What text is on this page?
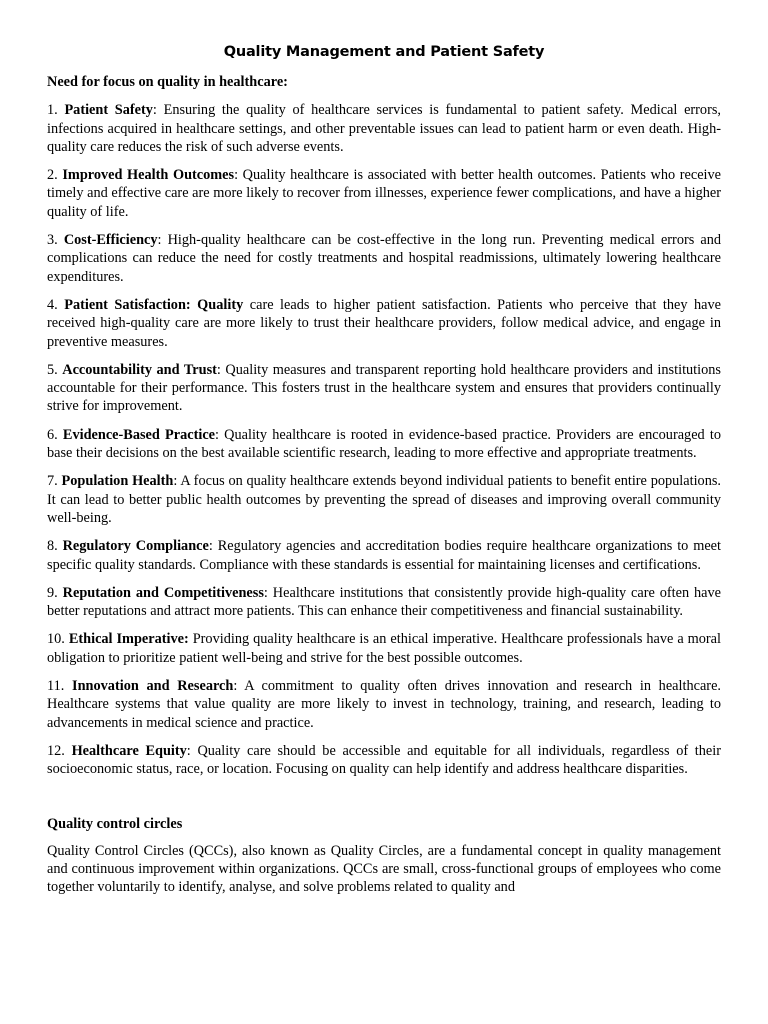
Quality Management and Patient Safety

Need for focus on quality in healthcare:

1. Patient Safety: Ensuring the quality of healthcare services is fundamental to patient safety. Medical errors, infections acquired in healthcare settings, and other preventable issues can lead to patient harm or even death. High-quality care reduces the risk of such adverse events.

2. Improved Health Outcomes: Quality healthcare is associated with better health outcomes. Patients who receive timely and effective care are more likely to recover from illnesses, experience fewer complications, and have a higher quality of life.

3. Cost-Efficiency: High-quality healthcare can be cost-effective in the long run. Preventing medical errors and complications can reduce the need for costly treatments and hospital readmissions, ultimately lowering healthcare expenditures.

4. Patient Satisfaction: Quality care leads to higher patient satisfaction. Patients who perceive that they have received high-quality care are more likely to trust their healthcare providers, follow medical advice, and engage in preventive measures.

5. Accountability and Trust: Quality measures and transparent reporting hold healthcare providers and institutions accountable for their performance. This fosters trust in the healthcare system and ensures that providers continually strive for improvement.

6. Evidence-Based Practice: Quality healthcare is rooted in evidence-based practice. Providers are encouraged to base their decisions on the best available scientific research, leading to more effective and appropriate treatments.

7. Population Health: A focus on quality healthcare extends beyond individual patients to benefit entire populations. It can lead to better public health outcomes by preventing the spread of diseases and improving overall community well-being.

8. Regulatory Compliance: Regulatory agencies and accreditation bodies require healthcare organizations to meet specific quality standards. Compliance with these standards is essential for maintaining licenses and certifications.

9. Reputation and Competitiveness: Healthcare institutions that consistently provide high-quality care often have better reputations and attract more patients. This can enhance their competitiveness and financial sustainability.

10. Ethical Imperative: Providing quality healthcare is an ethical imperative. Healthcare professionals have a moral obligation to prioritize patient well-being and strive for the best possible outcomes.

11. Innovation and Research: A commitment to quality often drives innovation and research in healthcare. Healthcare systems that value quality are more likely to invest in technology, training, and research, leading to advancements in medical science and practice.

12. Healthcare Equity: Quality care should be accessible and equitable for all individuals, regardless of their socioeconomic status, race, or location. Focusing on quality can help identify and address healthcare disparities.

Quality control circles

Quality Control Circles (QCCs), also known as Quality Circles, are a fundamental concept in quality management and continuous improvement within organizations. QCCs are small, cross-functional groups of employees who come together voluntarily to identify, analyse, and solve problems related to quality and
